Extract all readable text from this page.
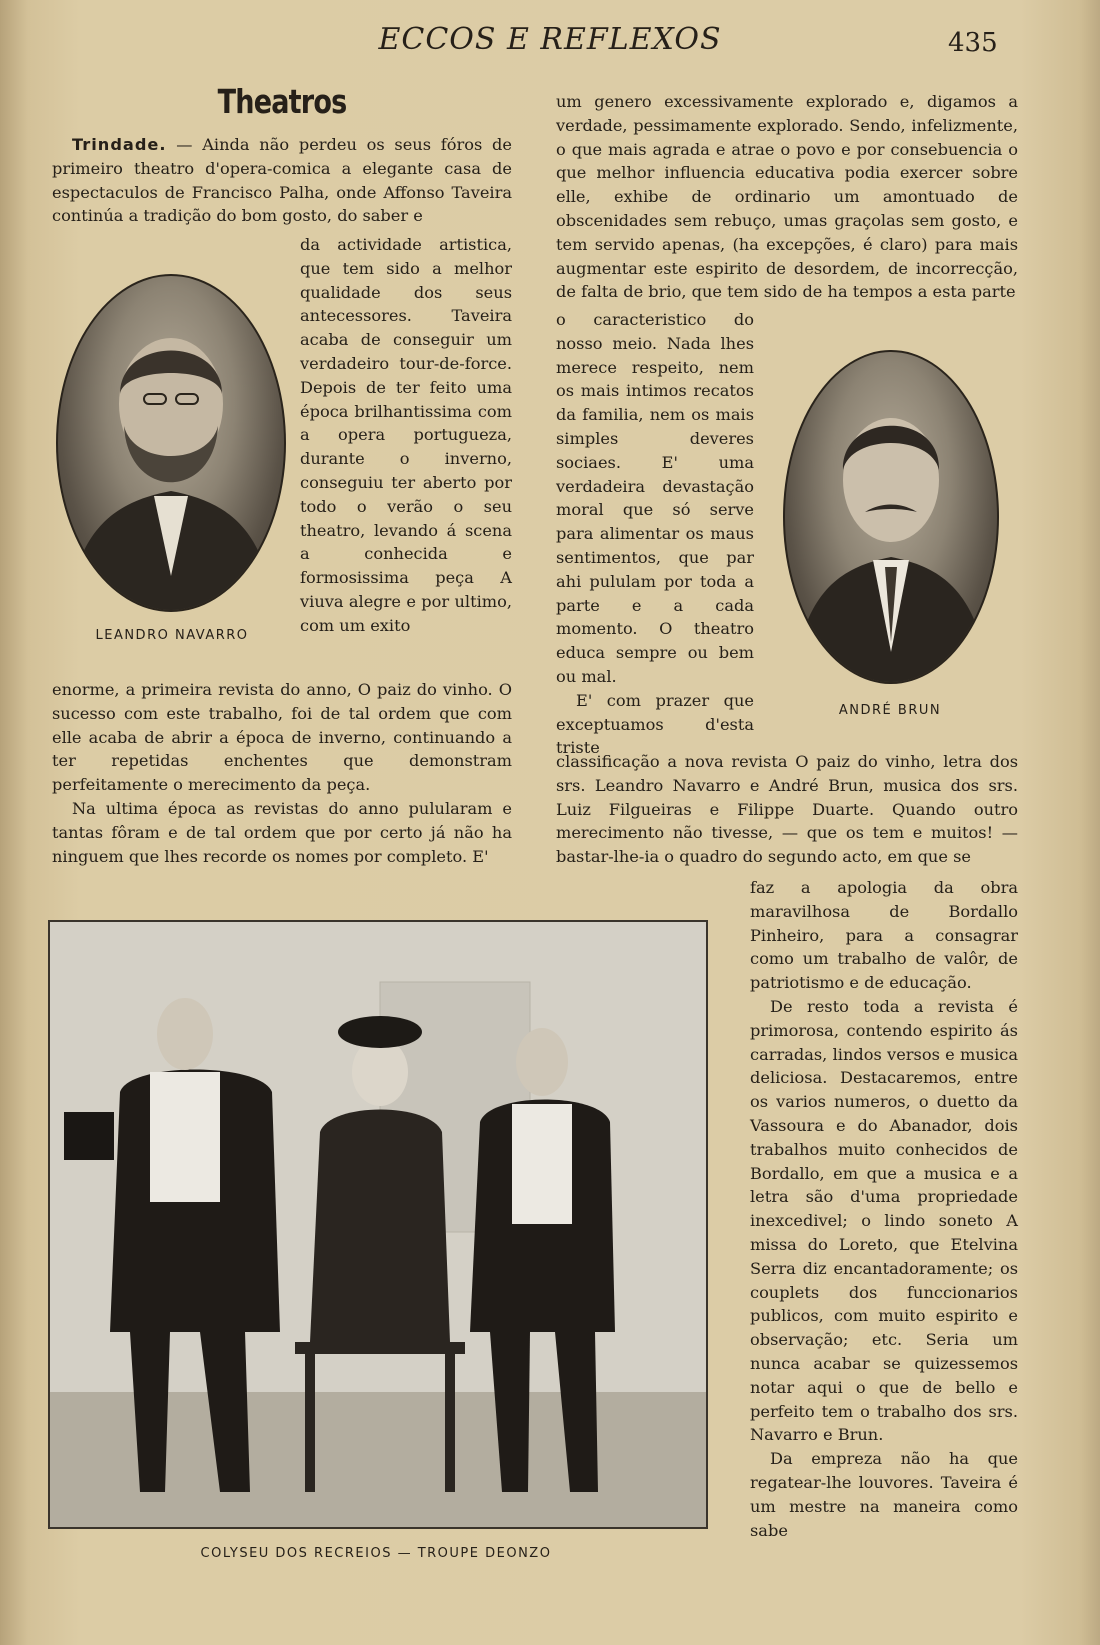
ECCOS E REFLEXOS	435
Theatros

Trindade. — Ainda não perdeu os seus fóros de primeiro theatro d'opera-comica a elegante casa de espectaculos de Francisco Palha, onde Affonso Taveira continúa a tradição do bom gosto, do saber e

LEANDRO NAVARRO

da actividade artistica, que tem sido a melhor qualidade dos seus antecessores. Taveira acaba de conseguir um verdadeiro tour-de-force. Depois de ter feito uma época brilhantissima com a opera portugueza, durante o inverno, conseguiu ter aberto por todo o verão o seu theatro, levando á scena a conhecida e formosissima peça A viuva alegre e por ultimo, com um exito

enorme, a primeira revista do anno, O paiz do vinho. O sucesso com este trabalho, foi de tal ordem que com elle acaba de abrir a época de inverno, continuando a ter repetidas enchentes que demonstram perfeitamente o merecimento da peça.

Na ultima época as revistas do anno pulularam e tantas fôram e de tal ordem que por certo já não ha ninguem que lhes recorde os nomes por completo. E'

um genero excessivamente explorado e, digamos a verdade, pessimamente explorado. Sendo, infelizmente, o que mais agrada e atrae o povo e por consebuencia o que melhor influencia educativa podia exercer sobre elle, exhibe de ordinario um amontuado de obscenidades sem rebuço, umas graçolas sem gosto, e tem servido apenas, (ha excepções, é claro) para mais augmentar este espirito de desordem, de incorrecção, de falta de brio, que tem sido de ha tempos a esta parte

o caracteristico do nosso meio. Nada lhes merece respeito, nem os mais intimos recatos da familia, nem os mais simples deveres sociaes. E' uma verdadeira devastação moral que só serve para alimentar os maus sentimentos, que par ahi pululam por toda a parte e a cada momento. O theatro educa sempre ou bem ou mal.

E' com prazer que exceptuamos d'esta triste

ANDRÉ BRUN

classificação a nova revista O paiz do vinho, letra dos srs. Leandro Navarro e André Brun, musica dos srs. Luiz Filgueiras e Filippe Duarte. Quando outro merecimento não tivesse, — que os tem e muitos! — bastar-lhe-ia o quadro do segundo acto, em que se

faz a apologia da obra maravilhosa de Bordallo Pinheiro, para a consagrar como um trabalho de valôr, de patriotismo e de educação.

De resto toda a revista é primorosa, contendo espirito ás carradas, lindos versos e musica deliciosa. Destacaremos, entre os varios numeros, o duetto da Vassoura e do Abanador, dois trabalhos muito conhecidos de Bordallo, em que a musica e a letra são d'uma propriedade inexcedivel; o lindo soneto A missa do Loreto, que Etelvina Serra diz encantadoramente; os couplets dos funccionarios publicos, com muito espirito e observação; etc. Seria um nunca acabar se quizessemos notar aqui o que de bello e perfeito tem o trabalho dos srs. Navarro e Brun.

Da empreza não ha que regatear-lhe louvores. Taveira é um mestre na maneira como sabe

COLYSEU DOS RECREIOS — TROUPE DEONZO
